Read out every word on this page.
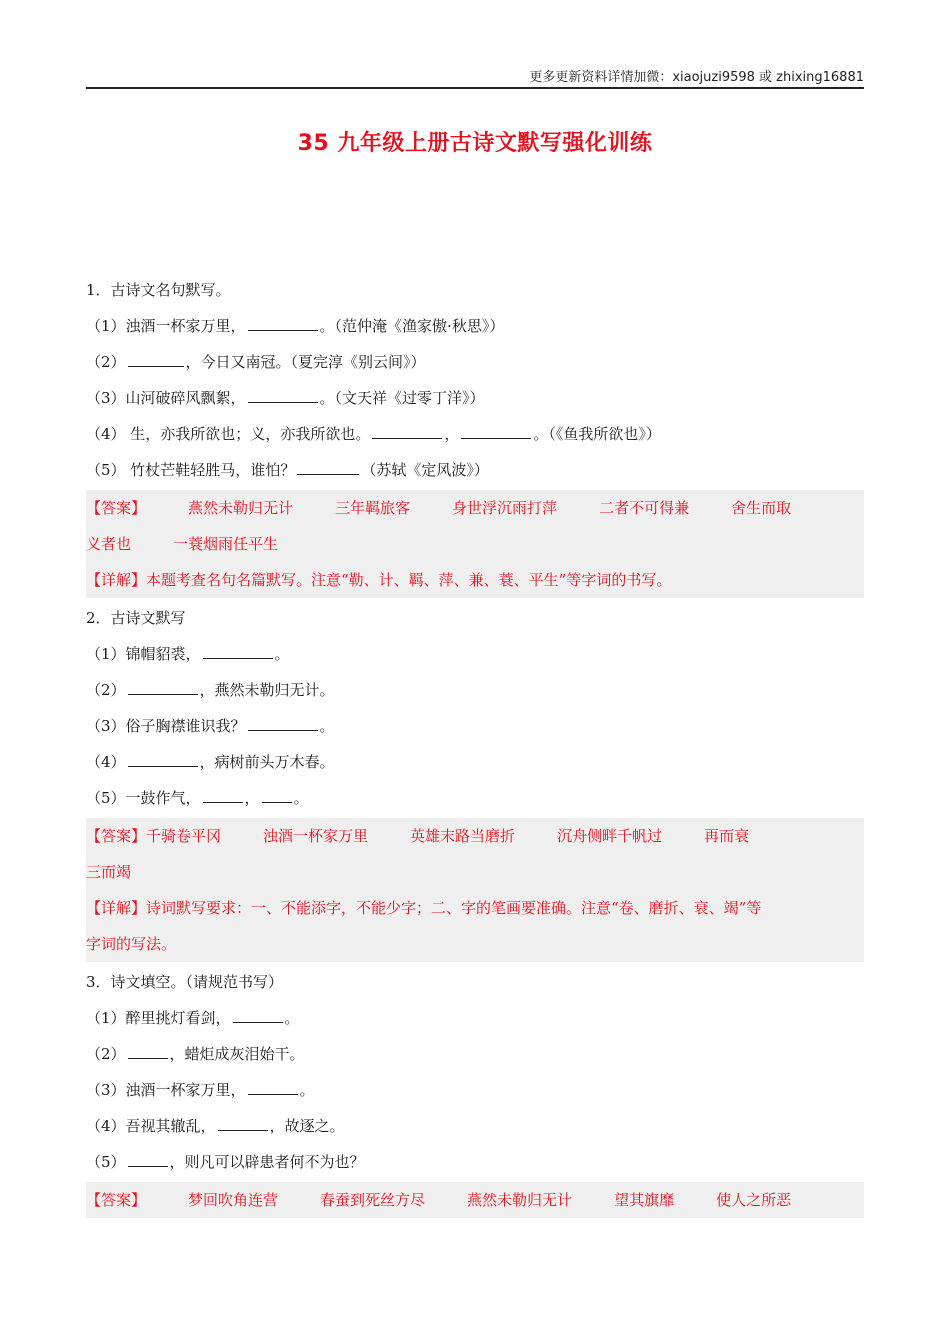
更多更新资料详情加微：xiaojuzi9598 或 zhixing16881
35 九年级上册古诗文默写强化训练
1．古诗文名句默写。
（1）浊酒一杯家万里，	。（范仲淹《渔家傲·秋思》）
（2）	，今日又南冠。（夏完淳《别云间》）
（3）山河破碎风飘絮，	。（文天祥《过零丁洋》）
（4） 生，亦我所欲也；义，亦我所欲也。	，	。（《鱼我所欲也》）
（5） 竹杖芒鞋轻胜马，谁怕？	（苏轼《定风波》）
【答案】	燕然未勒归无计	三年羁旅客	身世浮沉雨打萍	二者不可得兼	舍生而取
义者也	一蓑烟雨任平生
【详解】本题考查名句名篇默写。注意“勒、计、羁、萍、兼、蓑、平生”等字词的书写。
2．古诗文默写
（1）锦帽貂裘，	。
（2）	，燕然未勒归无计。
（3）俗子胸襟谁识我？	。
（4）	，病树前头万木春。
（5）一鼓作气，	， 。
【答案】千骑卷平冈	浊酒一杯家万里	英雄末路当磨折	沉舟侧畔千帆过	再而衰
三而竭
【详解】诗词默写要求：一、不能添字，不能少字；二、字的笔画要准确。注意“卷、磨折、衰、竭”等
字词的写法。
3．诗文填空。（请规范书写）
（1）醉里挑灯看剑，	。
（2）	，蜡炬成灰泪始干。
（3）浊酒一杯家万里，	。
（4）吾视其辙乱，	，故逐之。
（5）	，则凡可以辟患者何不为也？
【答案】	梦回吹角连营	春蚕到死丝方尽	燕然未勒归无计	望其旗靡	使人之所恶
